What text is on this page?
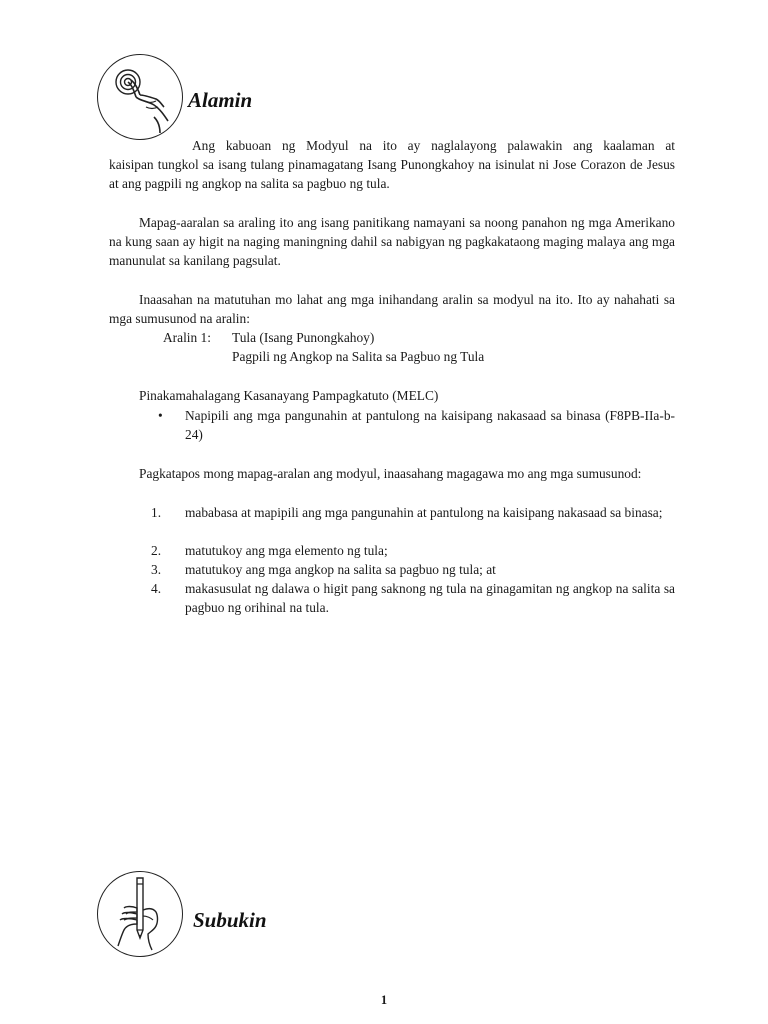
Alamin
Ang kabuoan ng Modyul na ito ay naglalayong palawakin ang kaalaman at
kaisipan tungkol sa isang tulang pinamagatang Isang Punongkahoy na isinulat ni Jose Corazon de Jesus at ang pagpili ng angkop na salita sa pagbuo ng tula.
Mapag-aaralan sa araling ito ang isang panitikang namayani sa noong panahon ng mga Amerikano na kung saan ay higit na naging maningning dahil sa nabigyan ng pagkakataong maging malaya ang mga manunulat sa kanilang pagsulat.
Inaasahan na matutuhan mo lahat ang mga inihandang aralin sa modyul na ito. Ito ay nahahati sa mga sumusunod na aralin:
Aralin 1: Tula (Isang Punongkahoy)
Pagpili ng Angkop na Salita sa Pagbuo ng Tula
Pinakamahalagang Kasanayang Pampagkatuto (MELC)
•	Napipili ang mga pangunahin at pantulong na kaisipang nakasaad sa binasa (F8PB-IIa-b-24)
Pagkatapos mong mapag-aralan ang modyul, inaasahang magagawa mo ang mga sumusunod:
1.	mababasa at mapipili ang mga pangunahin at pantulong na kaisipang nakasaad sa binasa;
2.	matutukoy ang mga elemento ng tula;
3.	matutukoy ang mga angkop na salita sa pagbuo ng tula; at
4.	makasusulat ng dalawa o higit pang saknong ng tula na ginagamitan ng angkop na salita sa pagbuo ng orihinal na tula.
Subukin
1
